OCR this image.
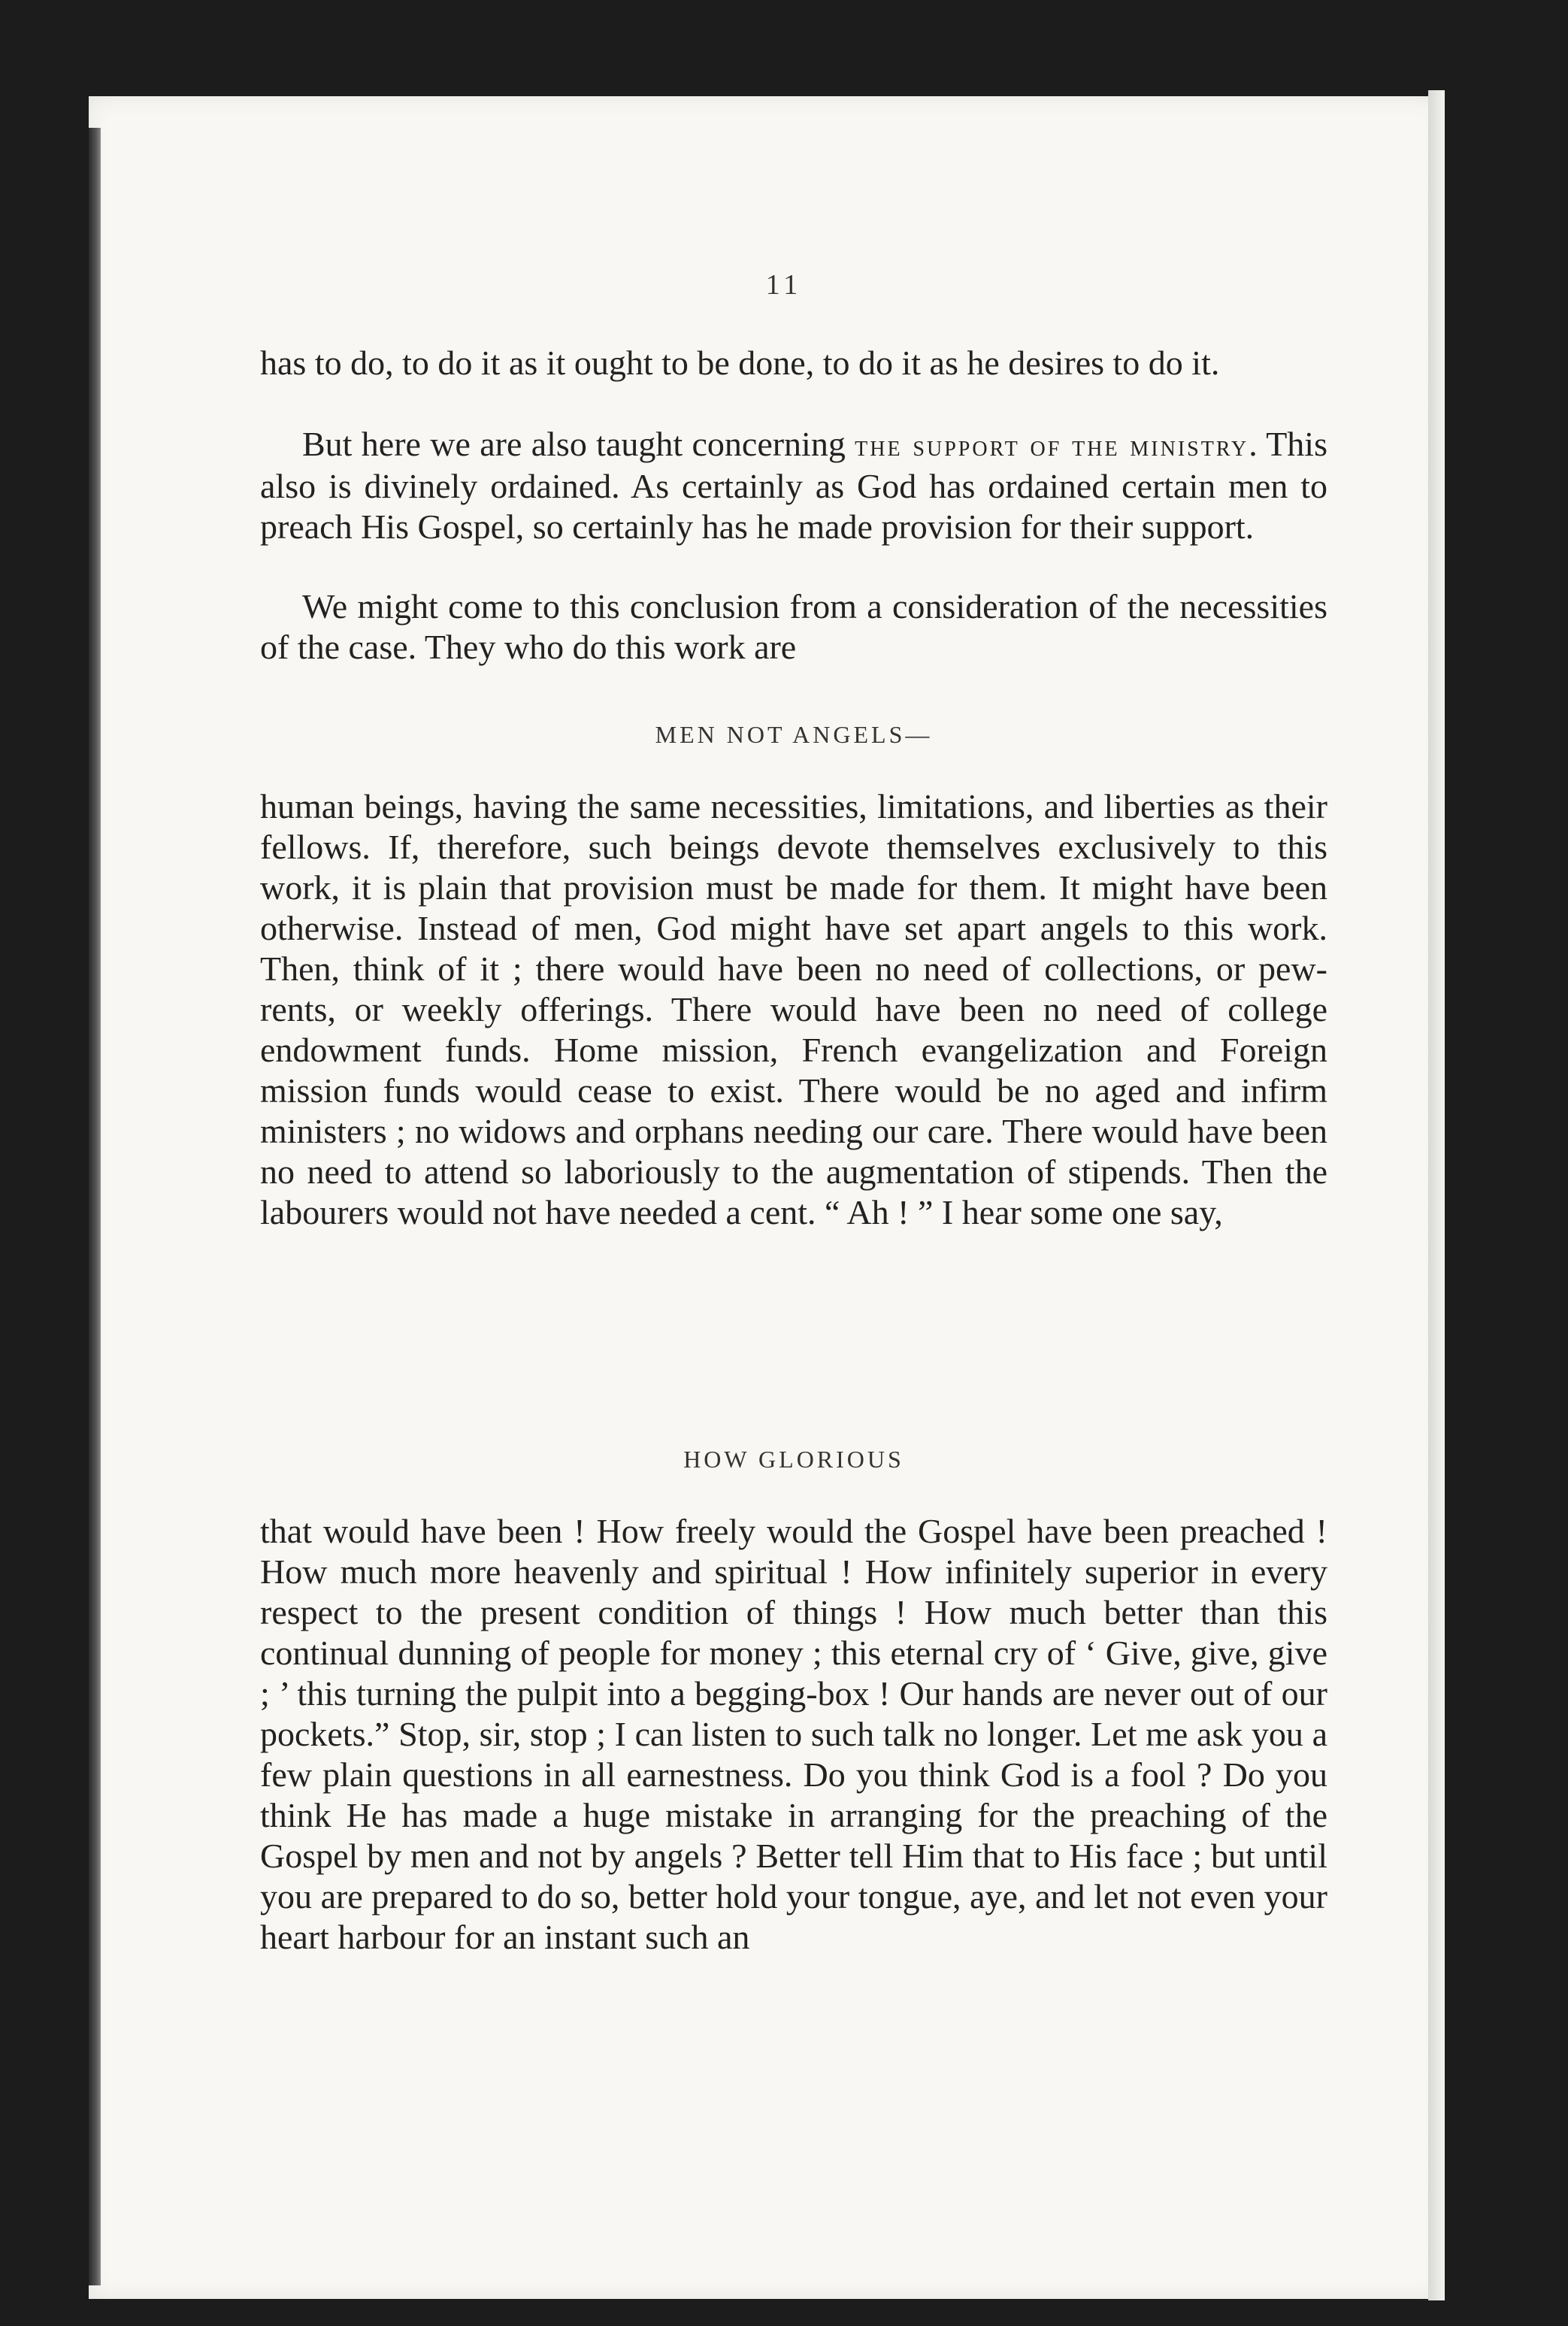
11

has to do, to do it as it ought to be done, to do it as he desires to do it.

But here we are also taught concerning the support of the ministry. This also is divinely ordained. As certainly as God has ordained certain men to preach His Gospel, so certainly has he made provision for their support.

We might come to this conclusion from a consideration of the necessities of the case. They who do this work are

MEN NOT ANGELS—

human beings, having the same necessities, limitations, and liberties as their fellows. If, therefore, such beings devote themselves exclusively to this work, it is plain that provision must be made for them. It might have been otherwise. Instead of men, God might have set apart angels to this work. Then, think of it ; there would have been no need of collections, or pew-rents, or weekly offerings. There would have been no need of college endowment funds. Home mission, French evangelization and Foreign mission funds would cease to exist. There would be no aged and infirm ministers ; no widows and orphans needing our care. There would have been no need to attend so laboriously to the augmentation of stipends. Then the labourers would not have needed a cent. “ Ah ! ” I hear some one say,

HOW GLORIOUS

that would have been ! How freely would the Gospel have been preached ! How much more heavenly and spiritual ! How infinitely superior in every respect to the present condition of things ! How much better than this continual dunning of people for money ; this eternal cry of ‘ Give, give, give ; ’ this turning the pulpit into a begging-box ! Our hands are never out of our pockets.” Stop, sir, stop ; I can listen to such talk no longer. Let me ask you a few plain questions in all earnestness. Do you think God is a fool ? Do you think He has made a huge mistake in arranging for the preaching of the Gospel by men and not by angels ? Better tell Him that to His face ; but until you are prepared to do so, better hold your tongue, aye, and let not even your heart harbour for an instant such an
